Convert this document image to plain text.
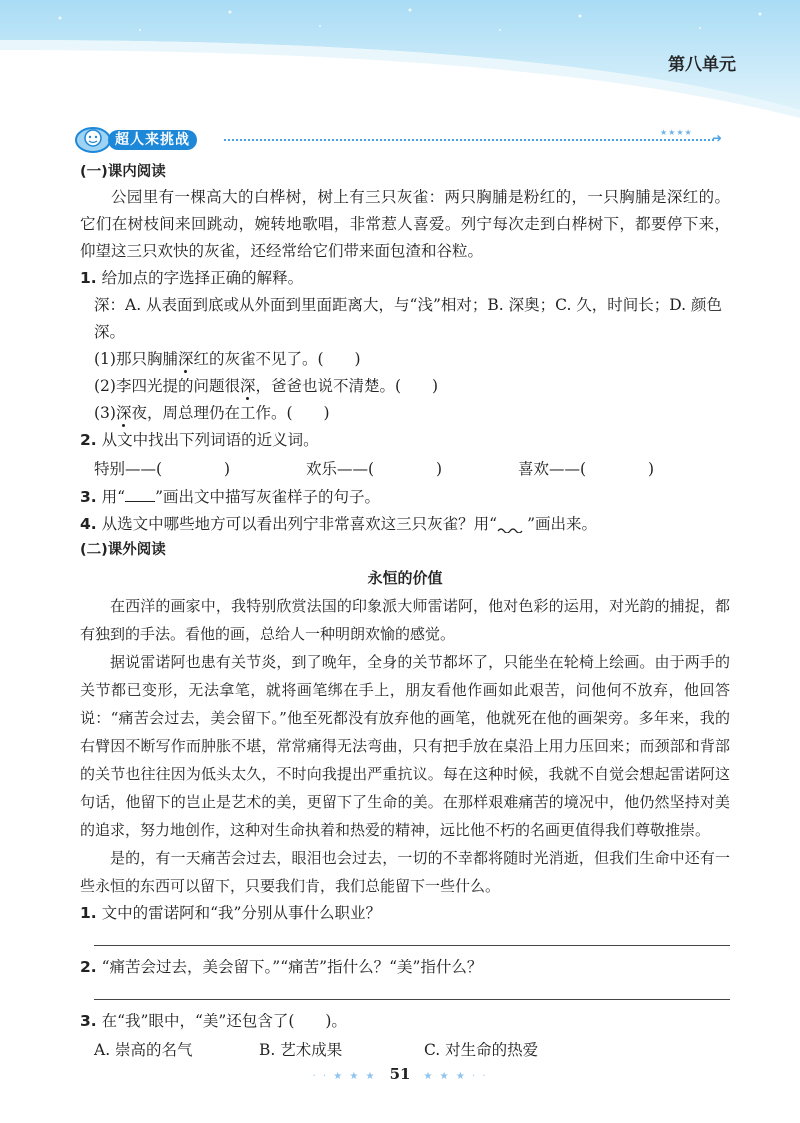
第八单元
超人来挑战	★★★★ ➜

(一)课内阅读

公园里有一棵高大的白桦树，树上有三只灰雀：两只胸脯是粉红的，一只胸脯是深红的。它们在树枝间来回跳动，婉转地歌唱，非常惹人喜爱。列宁每次走到白桦树下，都要停下来，仰望这三只欢快的灰雀，还经常给它们带来面包渣和谷粒。

1. 给加点的字选择正确的解释。

深：A. 从表面到底或从外面到里面距离大，与“浅”相对；B. 深奥；C. 久，时间长；D. 颜色深。

(1)那只胸脯深红的灰雀不见了。(　　)

(2)李四光提的问题很深，爸爸也说不清楚。(　　)

(3)深夜，周总理仍在工作。(　　)

2. 从文中找出下列词语的近义词。

特别——(　　　　)	欢乐——(　　　　)	喜欢——(　　　　)

3. 用“ ”画出文中描写灰雀样子的句子。

4. 从选文中哪些地方可以看出列宁非常喜欢这三只灰雀？用“ ”画出来。

(二)课外阅读

永恒的价值

在西洋的画家中，我特别欣赏法国的印象派大师雷诺阿，他对色彩的运用，对光韵的捕捉，都有独到的手法。看他的画，总给人一种明朗欢愉的感觉。

据说雷诺阿也患有关节炎，到了晚年，全身的关节都坏了，只能坐在轮椅上绘画。由于两手的关节都已变形，无法拿笔，就将画笔绑在手上，朋友看他作画如此艰苦，问他何不放弃，他回答说：“痛苦会过去，美会留下。”他至死都没有放弃他的画笔，他就死在他的画架旁。多年来，我的右臂因不断写作而肿胀不堪，常常痛得无法弯曲，只有把手放在桌沿上用力压回来；而颈部和背部的关节也往往因为低头太久，不时向我提出严重抗议。每在这种时候，我就不自觉会想起雷诺阿这句话，他留下的岂止是艺术的美，更留下了生命的美。在那样艰难痛苦的境况中，他仍然坚持对美的追求，努力地创作，这种对生命执着和热爱的精神，远比他不朽的名画更值得我们尊敬推崇。

是的，有一天痛苦会过去，眼泪也会过去，一切的不幸都将随时光消逝，但我们生命中还有一些永恒的东西可以留下，只要我们肯，我们总能留下一些什么。

1. 文中的雷诺阿和“我”分别从事什么职业？

2. “痛苦会过去，美会留下。”“痛苦”指什么？“美”指什么？

3. 在“我”眼中，“美”还包含了(　　)。

A. 崇高的名气	B. 艺术成果	C. 对生命的热爱
· · ★ ★ ★ 51 ★ ★ ★ · ·
